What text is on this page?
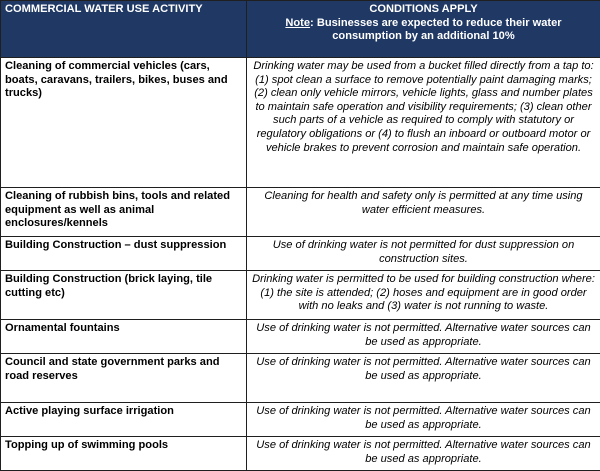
COMMERCIAL WATER USE ACTIVITY	CONDITIONS APPLY
Note: Businesses are expected to reduce their water consumption by an additional 10%

Cleaning of commercial vehicles (cars, boats, caravans, trailers, bikes, buses and trucks)	Drinking water may be used from a bucket filled directly from a tap to: (1) spot clean a surface to remove potentially paint damaging marks; (2) clean only vehicle mirrors, vehicle lights, glass and number plates to maintain safe operation and visibility requirements; (3) clean other such parts of a vehicle as required to comply with statutory or regulatory obligations or (4) to flush an inboard or outboard motor or vehicle brakes to prevent corrosion and maintain safe operation.
Cleaning of rubbish bins, tools and related equipment as well as animal enclosures/kennels	Cleaning for health and safety only is permitted at any time using water efficient measures.
Building Construction – dust suppression	Use of drinking water is not permitted for dust suppression on construction sites.
Building Construction (brick laying, tile cutting etc)	Drinking water is permitted to be used for building construction where: (1) the site is attended; (2) hoses and equipment are in good order with no leaks and (3) water is not running to waste.
Ornamental fountains	Use of drinking water is not permitted. Alternative water sources can be used as appropriate.
Council and state government parks and road reserves	Use of drinking water is not permitted. Alternative water sources can be used as appropriate.
Active playing surface irrigation	Use of drinking water is not permitted. Alternative water sources can be used as appropriate.
Topping up of swimming pools	Use of drinking water is not permitted. Alternative water sources can be used as appropriate.
